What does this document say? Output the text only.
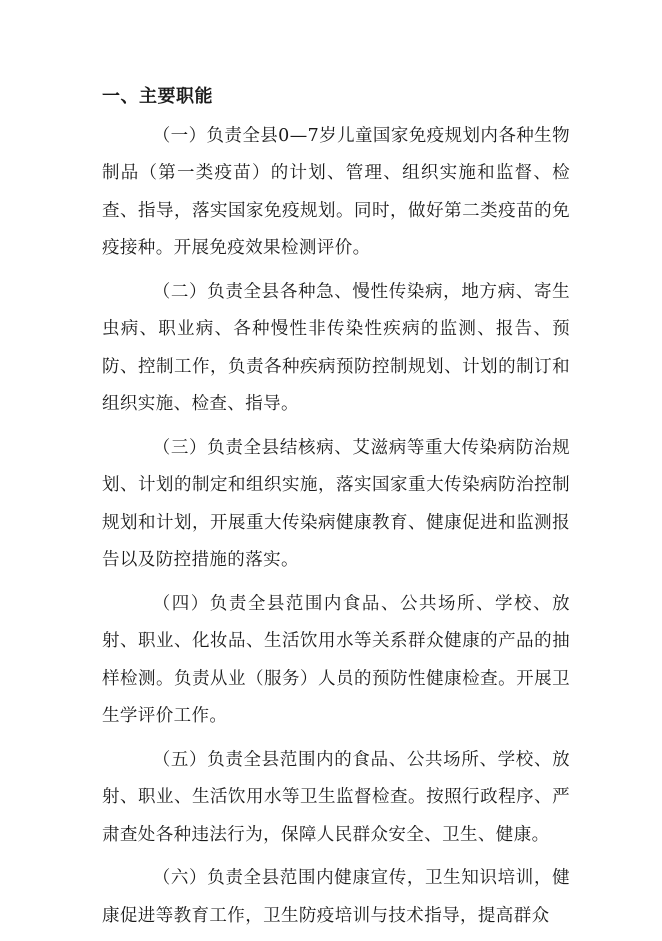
一、主要职能

（一）负责全县0—7岁儿童国家免疫规划内各种生物制品（第一类疫苗）的计划、管理、组织实施和监督、检查、指导，落实国家免疫规划。同时，做好第二类疫苗的免疫接种。开展免疫效果检测评价。

（二）负责全县各种急、慢性传染病，地方病、寄生虫病、职业病、各种慢性非传染性疾病的监测、报告、预防、控制工作，负责各种疾病预防控制规划、计划的制订和组织实施、检查、指导。

（三）负责全县结核病、艾滋病等重大传染病防治规划、计划的制定和组织实施，落实国家重大传染病防治控制规划和计划，开展重大传染病健康教育、健康促进和监测报告以及防控措施的落实。

（四）负责全县范围内食品、公共场所、学校、放射、职业、化妆品、生活饮用水等关系群众健康的产品的抽样检测。负责从业（服务）人员的预防性健康检查。开展卫生学评价工作。

（五）负责全县范围内的食品、公共场所、学校、放射、职业、生活饮用水等卫生监督检查。按照行政程序、严肃查处各种违法行为，保障人民群众安全、卫生、健康。

（六）负责全县范围内健康宣传，卫生知识培训，健康促进等教育工作，卫生防疫培训与技术指导，提高群众
